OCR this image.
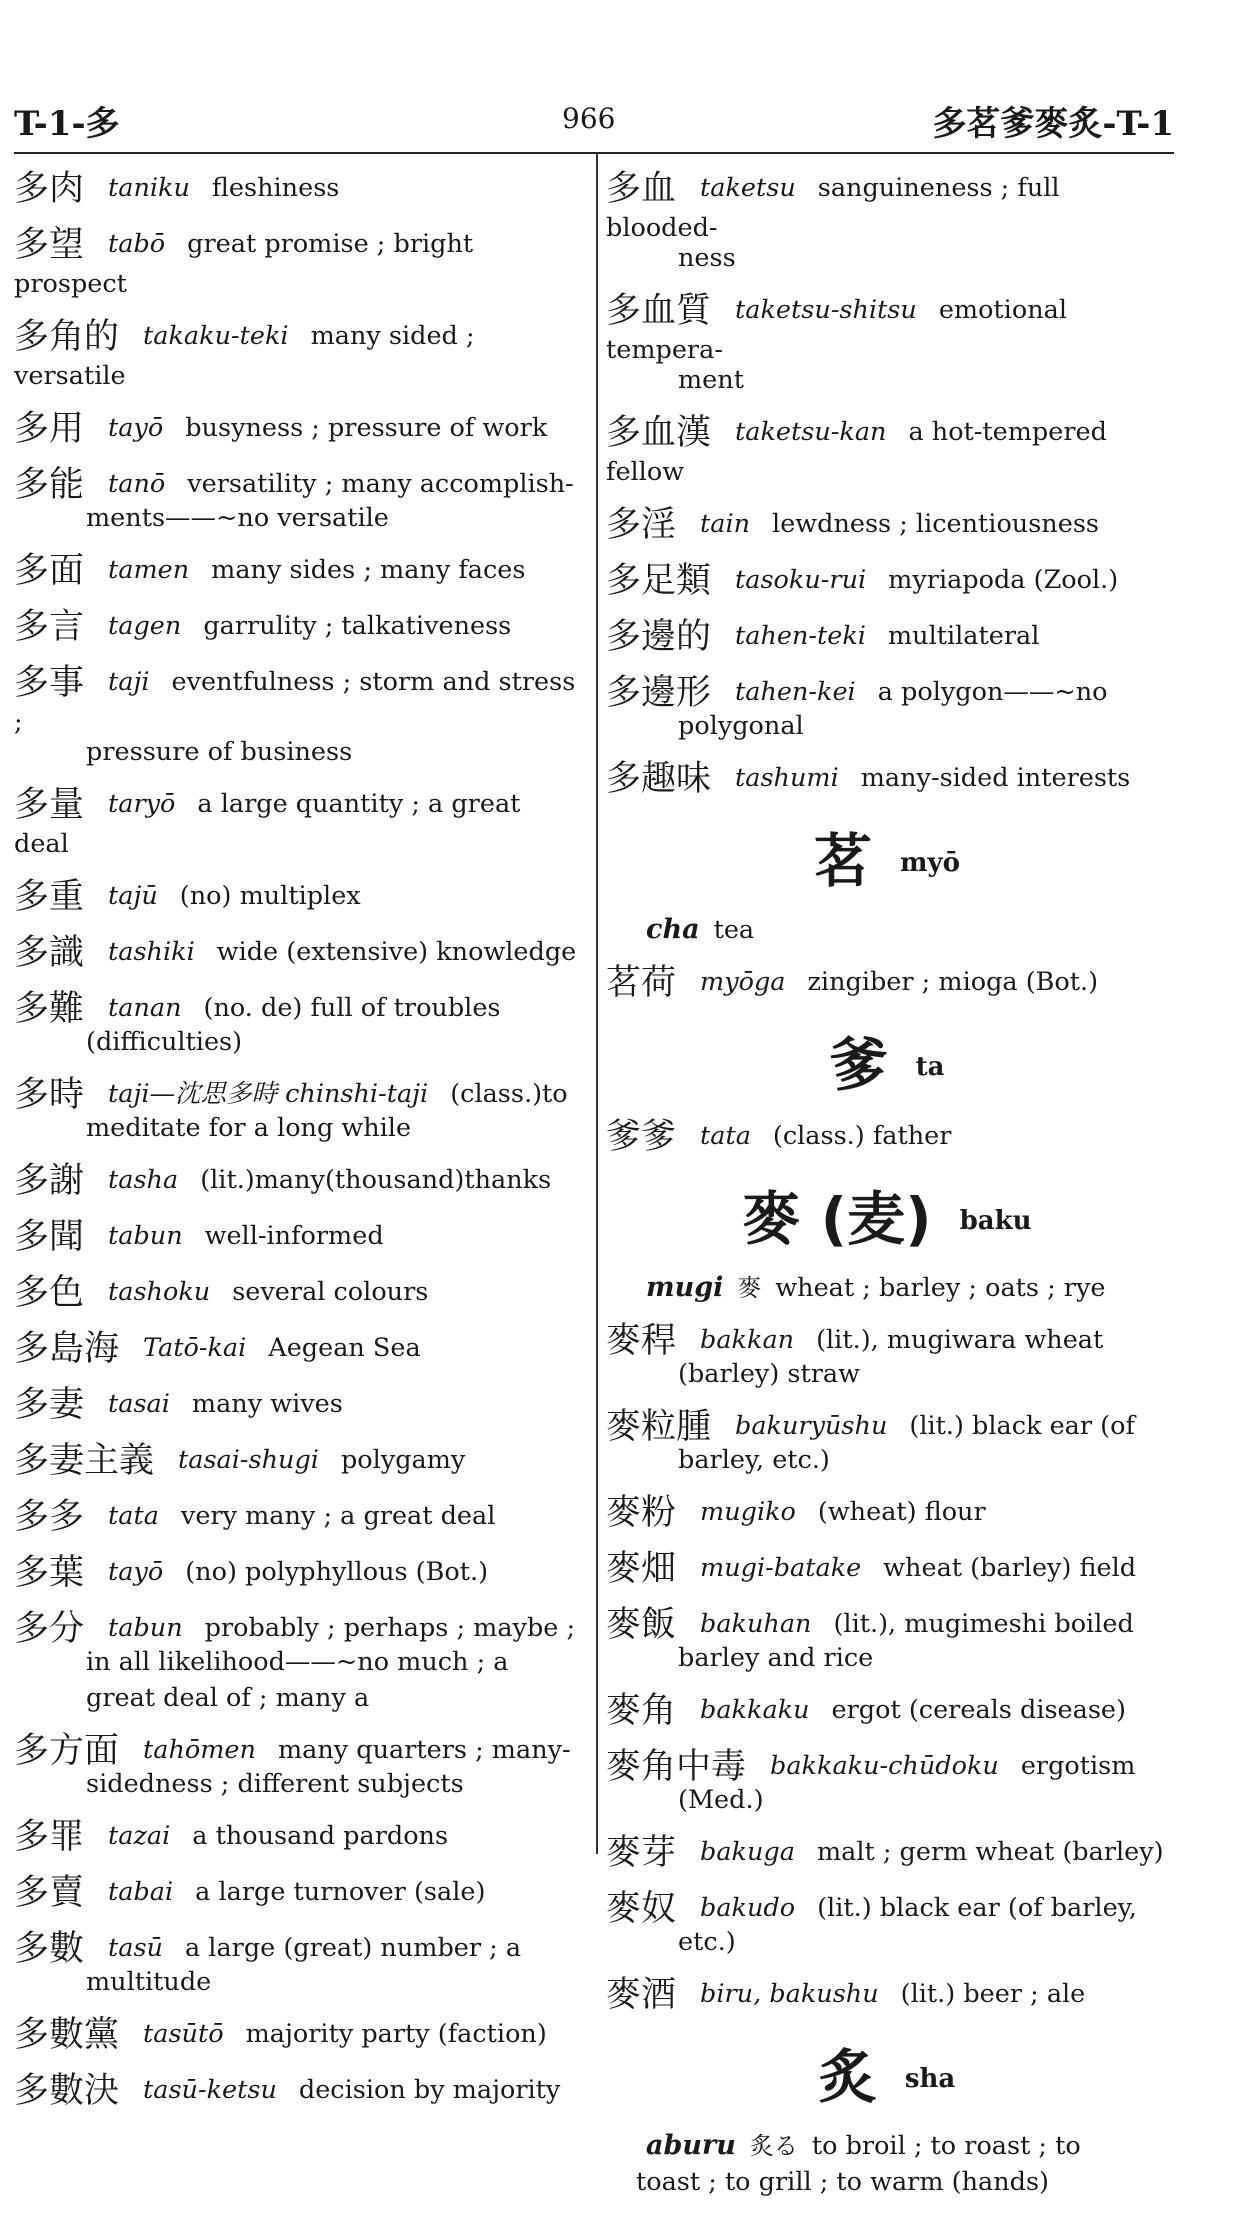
T-1-多	966	多茗爹麥炙-T-1
多肉 taniku fleshiness
多望 tabō great promise ; bright prospect
多角的 takaku-teki many sided ; versatile
多用 tayō busyness ; pressure of work
多能 tanō versatility ; many accomplish-
ments——~no versatile
多面 tamen many sides ; many faces
多言 tagen garrulity ; talkativeness
多事 taji eventfulness ; storm and stress ;
pressure of business
多量 taryō a large quantity ; a great deal
多重 tajū (no) multiplex
多識 tashiki wide (extensive) knowledge
多難 tanan (no. de) full of troubles
(difficulties)
多時 taji—沈思多時 chinshi-taji (class.)to
meditate for a long while
多謝 tasha (lit.)many(thousand)thanks
多聞 tabun well-informed
多色 tashoku several colours
多島海 Tatō-kai Aegean Sea
多妻 tasai many wives
多妻主義 tasai-shugi polygamy
多多 tata very many ; a great deal
多葉 tayō (no) polyphyllous (Bot.)
多分 tabun probably ; perhaps ; maybe ;
in all likelihood——~no much ; a great deal of ; many a
多方面 tahōmen many quarters ; many-
sidedness ; different subjects
多罪 tazai a thousand pardons
多賣 tabai a large turnover (sale)
多數 tasū a large (great) number ; a
multitude
多數黨 tasūtō majority party (faction)
多數決 tasū-ketsu decision by majority
多血 taketsu sanguineness ; full blooded-
ness
多血質 taketsu-shitsu emotional tempera-
ment
多血漢 taketsu-kan a hot-tempered fellow
多淫 tain lewdness ; licentiousness
多足類 tasoku-rui myriapoda (Zool.)
多邊的 tahen-teki multilateral
多邊形 tahen-kei a polygon——~no
polygonal
多趣味 tashumi many-sided interests
茗 myō
cha tea
茗荷 myōga zingiber ; mioga (Bot.)
爹 ta
爹爹 tata (class.) father
麥 (麦) baku
mugi 麥 wheat ; barley ; oats ; rye
麥稈 bakkan (lit.), mugiwara wheat
(barley) straw
麥粒腫 bakuryūshu (lit.) black ear (of
barley, etc.)
麥粉 mugiko (wheat) flour
麥畑 mugi-batake wheat (barley) field
麥飯 bakuhan (lit.), mugimeshi boiled
barley and rice
麥角 bakkaku ergot (cereals disease)
麥角中毒 bakkaku-chūdoku ergotism
(Med.)
麥芽 bakuga malt ; germ wheat (barley)
麥奴 bakudo (lit.) black ear (of barley,
etc.)
麥酒 biru, bakushu (lit.) beer ; ale
炙 sha
aburu 炙る to broil ; to roast ; to
toast ; to grill ; to warm (hands)
